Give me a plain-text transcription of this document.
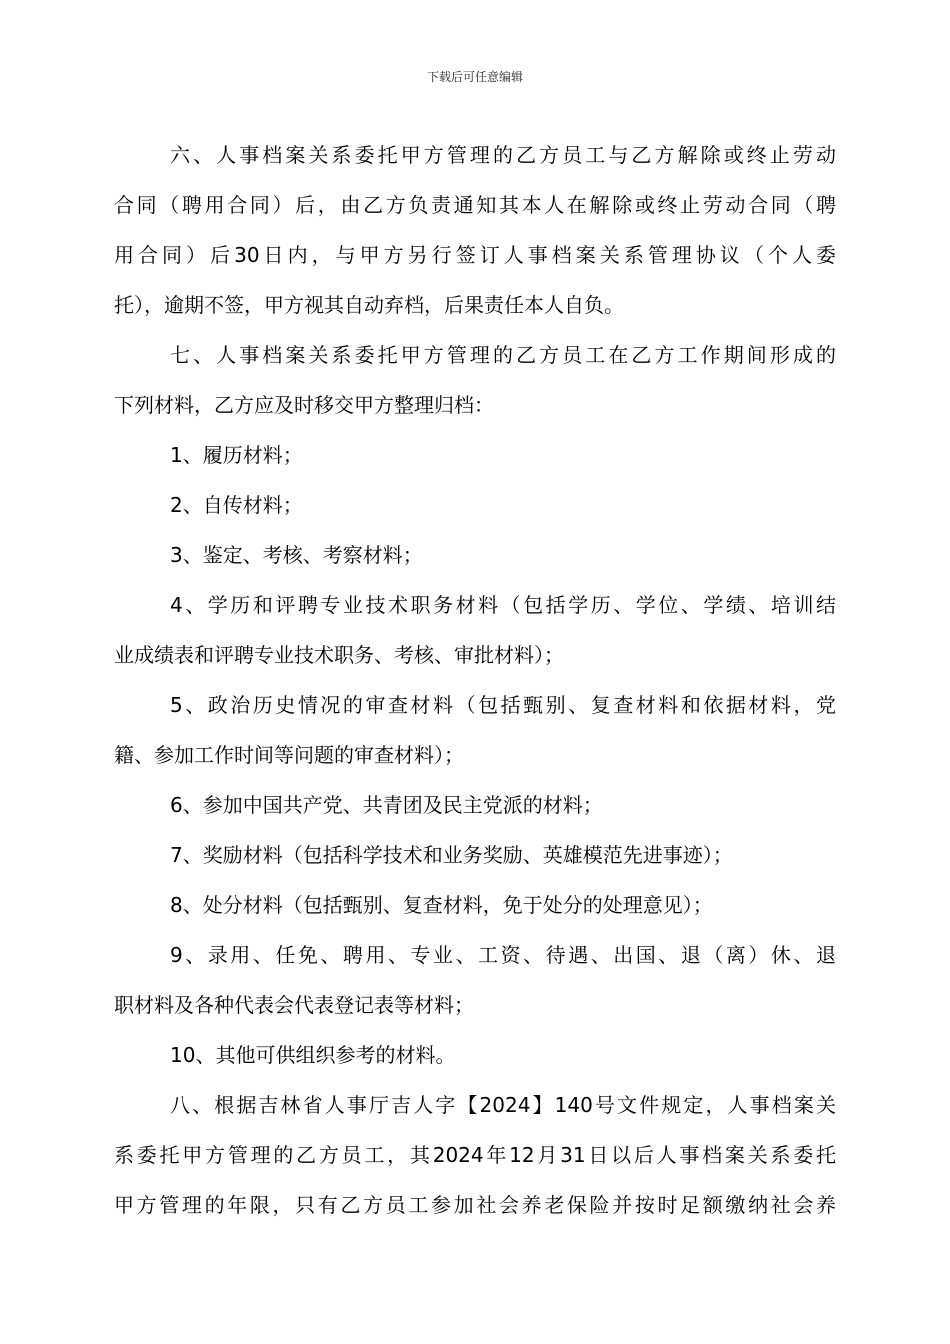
下载后可任意编辑
六、人事档案关系委托甲方管理的乙方员工与乙方解除或终止劳动
合同（聘用合同）后，由乙方负责通知其本人在解除或终止劳动合同（聘
用合同）后30日内，与甲方另行签订人事档案关系管理协议（个人委
托），逾期不签，甲方视其自动弃档，后果责任本人自负。
七、人事档案关系委托甲方管理的乙方员工在乙方工作期间形成的
下列材料，乙方应及时移交甲方整理归档：
1、履历材料；
2、自传材料；
3、鉴定、考核、考察材料；
4、学历和评聘专业技术职务材料（包括学历、学位、学绩、培训结
业成绩表和评聘专业技术职务、考核、审批材料）；
5、政治历史情况的审查材料（包括甄别、复查材料和依据材料，党
籍、参加工作时间等问题的审查材料）；
6、参加中国共产党、共青团及民主党派的材料；
7、奖励材料（包括科学技术和业务奖励、英雄模范先进事迹）；
8、处分材料（包括甄别、复查材料，免于处分的处理意见）；
9、录用、任免、聘用、专业、工资、待遇、出国、退（离）休、退
职材料及各种代表会代表登记表等材料；
10、其他可供组织参考的材料。
八、根据吉林省人事厅吉人字【2024】140号文件规定，人事档案关
系委托甲方管理的乙方员工，其2024年12月31日以后人事档案关系委托
甲方管理的年限，只有乙方员工参加社会养老保险并按时足额缴纳社会养
